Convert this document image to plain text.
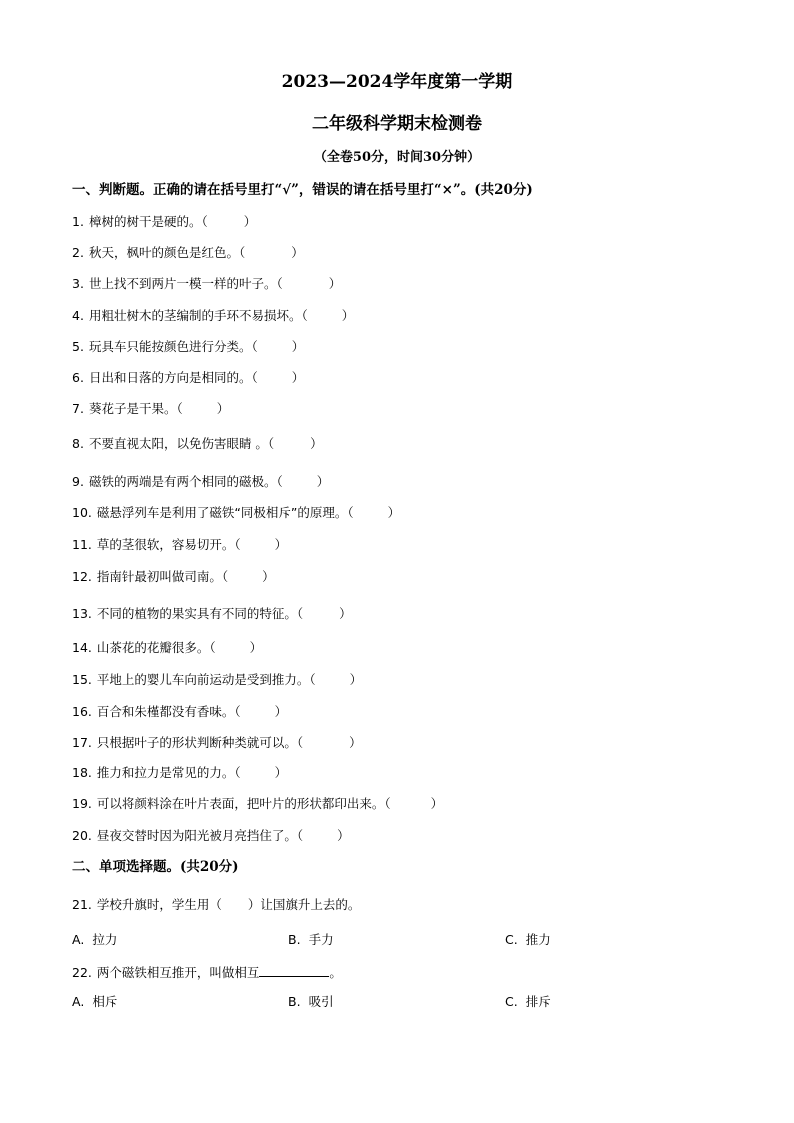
2023—2024学年度第一学期
二年级科学期末检测卷
（全卷50分，时间30分钟）
一、判断题。正确的请在括号里打“√”，错误的请在括号里打“×”。(共20分)
1. 樟树的树干是硬的。（	）
2. 秋天，枫叶的颜色是红色。（	）
3. 世上找不到两片一模一样的叶子。（	）
4. 用粗壮树木的茎编制的手环不易损坏。（	）
5. 玩具车只能按颜色进行分类。（	）
6. 日出和日落的方向是相同的。（	）
7. 葵花子是干果。（	）
8. 不要直视太阳，以免伤害眼睛 。（	）
9. 磁铁的两端是有两个相同的磁极。（	）
10. 磁悬浮列车是利用了磁铁“同极相斥”的原理。（	）
11. 草的茎很软，容易切开。（	）
12. 指南针最初叫做司南。（	）
13. 不同的植物的果实具有不同的特征。（	）
14. 山茶花的花瓣很多。（	）
15. 平地上的婴儿车向前运动是受到推力。（	）
16. 百合和朱槿都没有香味。（	）
17. 只根据叶子的形状判断种类就可以。（	）
18. 推力和拉力是常见的力。（	）
19. 可以将颜料涂在叶片表面，把叶片的形状都印出来。（	）
20. 昼夜交替时因为阳光被月亮挡住了。（	）
二、单项选择题。(共20分)
21. 学校升旗时，学生用（ ）让国旗升上去的。
A. 拉力	B. 手力	C. 推力
22. 两个磁铁相互推开，叫做相互	。
A. 相斥	B. 吸引	C. 排斥
